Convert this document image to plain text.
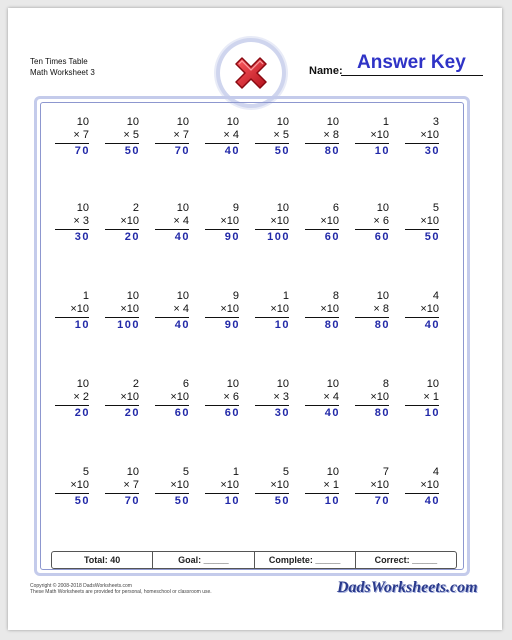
Ten Times Table
Math Worksheet 3	Name: Answer Key
10
× 7
70
10
× 5
50
10
× 7
70
10
× 4
40
10
× 5
50
10
× 8
80
1
×10
10
3
×10
30
10
× 3
30
2
×10
20
10
× 4
40
9
×10
90
10
×10
100
6
×10
60
10
× 6
60
5
×10
50
1
×10
10
10
×10
100
10
× 4
40
9
×10
90
1
×10
10
8
×10
80
10
× 8
80
4
×10
40
10
× 2
20
2
×10
20
6
×10
60
10
× 6
60
10
× 3
30
10
× 4
40
8
×10
80
10
× 1
10
5
×10
50
10
× 7
70
5
×10
50
1
×10
10
5
×10
50
10
× 1
10
7
×10
70
4
×10
40
Total: 40	Goal: _____	Complete: _____	Correct: _____
Copyright © 2008-2018 DadsWorksheets.com
These Math Worksheets are provided for personal, homeschool or classroom use.	DadsWorksheets.com
